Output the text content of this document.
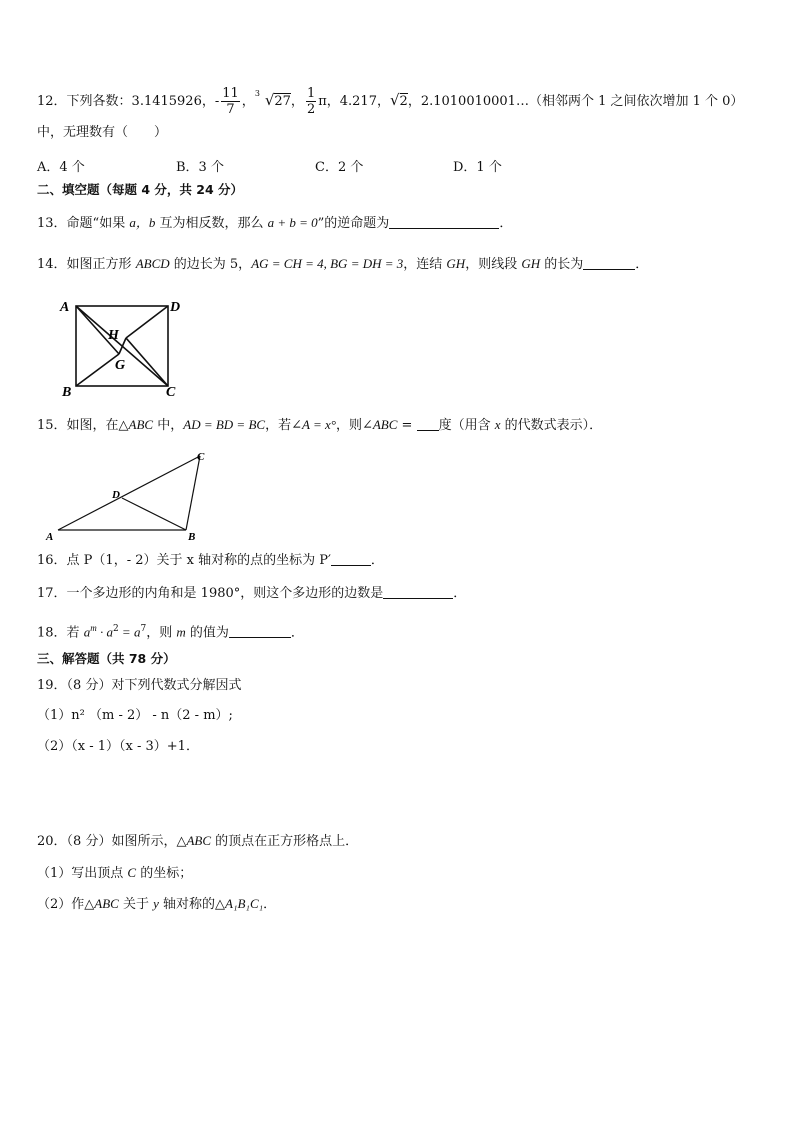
12．下列各数：3.1415926，- $\frac{11}{7}$ ，
3 √27， $\frac{1}{2}$ π，4.217，√2，2.1010010001…（相邻两个 1 之间依次增加 1 个 0）
中，无理数有（　　）
A．4 个	B．3 个	C．2 个	D．1 个
二、填空题（每题 4 分，共 24 分）
13．命题“如果 a，b 互为相反数，那么 a + b = 0”的逆命题为	．
14．如图正方形 ABCD 的边长为 5，AG = CH = 4, BG = DH = 3，连结 GH，则线段 GH 的长为	．
A	D
B	C
G
H
15．如图，在△ABC 中，AD = BD = BC，若∠A = x°，则∠ABC = 度（用含 x 的代数式表示）．
A	B
C
D
16．点 P（1，- 2）关于 x 轴对称的点的坐标为 P′	．
17．一个多边形的内角和是 1980°，则这个多边形的边数是	．
18．若 $a^m \cdot a^2 = a^7$，则 m 的值为	．
三、解答题（共 78 分）
19．（8 分）对下列代数式分解因式
（1）n² （m - 2） - n（2 - m）;
（2）（x - 1）（x - 3）+1．
20．（8 分）如图所示，△ABC 的顶点在正方形格点上．
（1）写出顶点 C 的坐标；
（2）作△ABC 关于 y 轴对称的△A₁B₁C₁．
